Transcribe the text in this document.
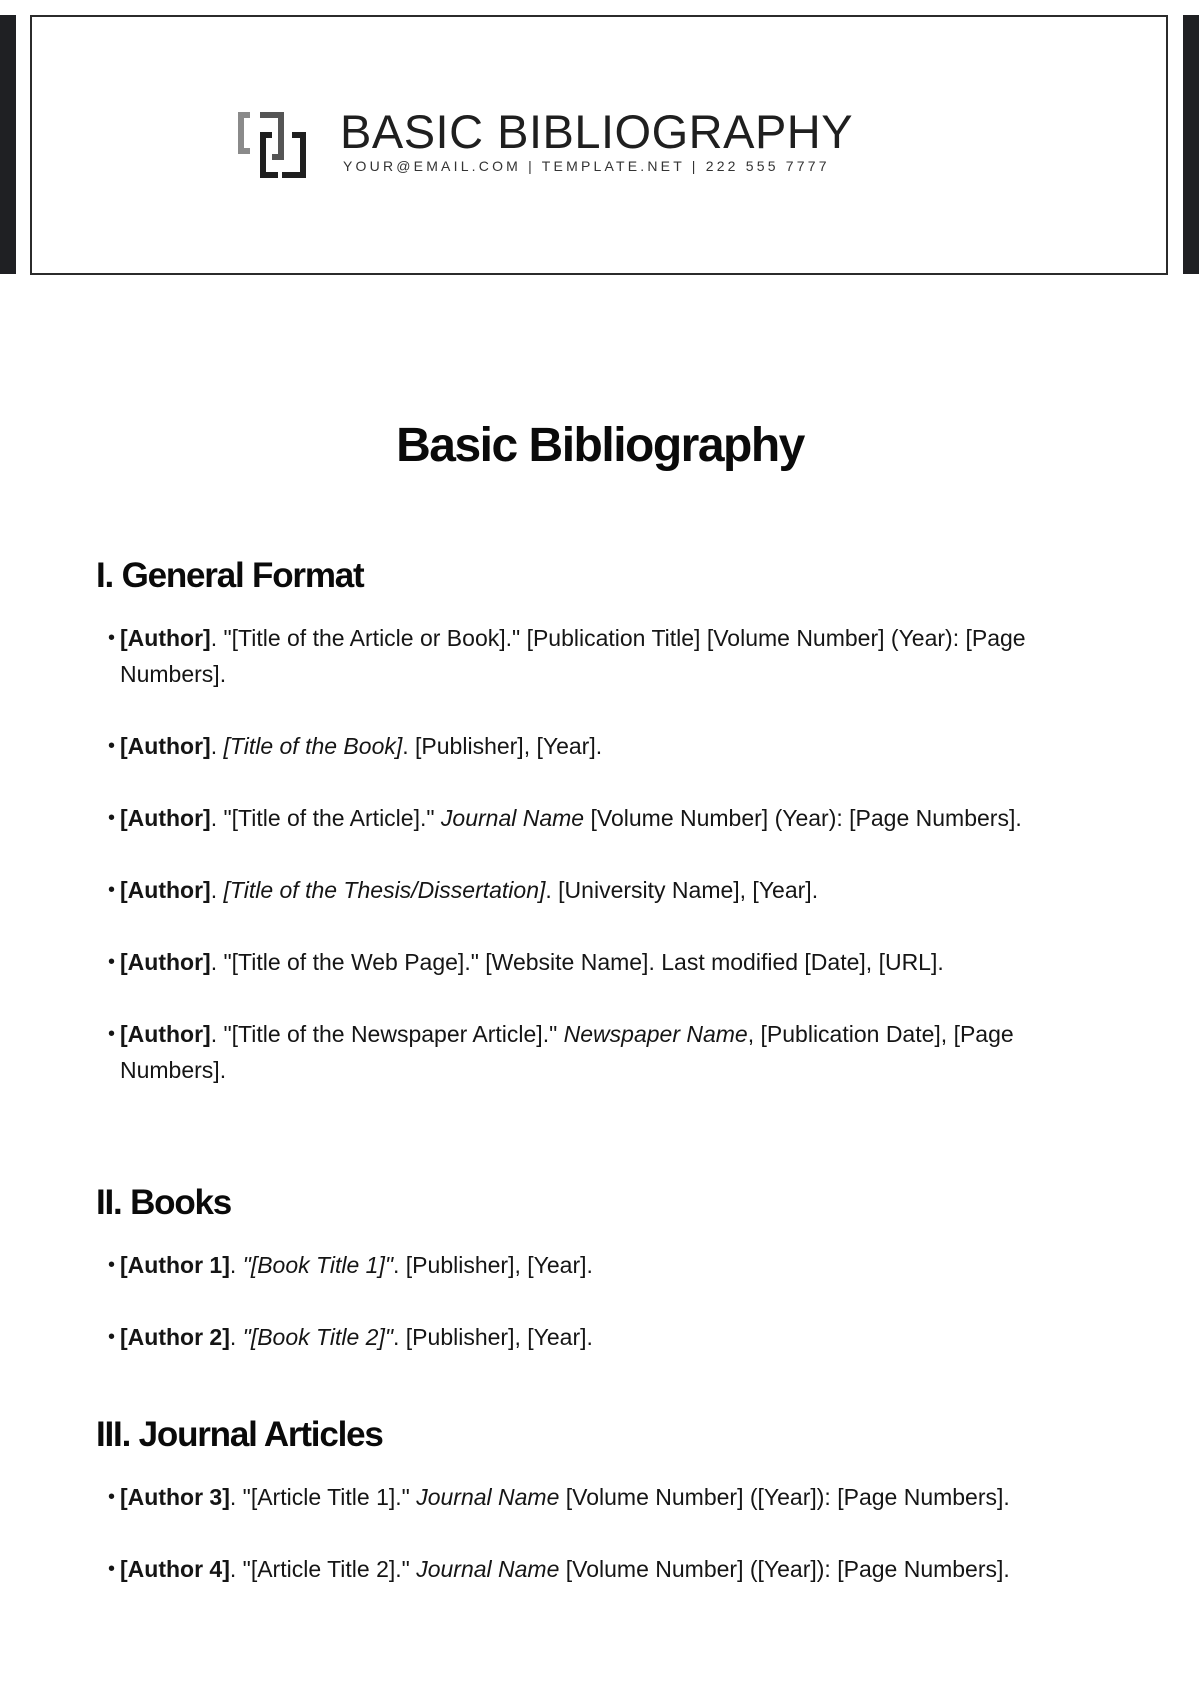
BASIC BIBLIOGRAPHY
YOUR@EMAIL.COM | TEMPLATE.NET | 222 555 7777
Basic Bibliography
I. General Format
• [Author]. "[Title of the Article or Book]." [Publication Title] [Volume Number] (Year): [Page Numbers].
• [Author]. [Title of the Book]. [Publisher], [Year].
• [Author]. "[Title of the Article]." Journal Name [Volume Number] (Year): [Page Numbers].
• [Author]. [Title of the Thesis/Dissertation]. [University Name], [Year].
• [Author]. "[Title of the Web Page]." [Website Name]. Last modified [Date], [URL].
• [Author]. "[Title of the Newspaper Article]." Newspaper Name, [Publication Date], [Page Numbers].
II. Books
• [Author 1]. "[Book Title 1]". [Publisher], [Year].
• [Author 2]. "[Book Title 2]". [Publisher], [Year].
III. Journal Articles
• [Author 3]. "[Article Title 1]." Journal Name [Volume Number] ([Year]): [Page Numbers].
• [Author 4]. "[Article Title 2]." Journal Name [Volume Number] ([Year]): [Page Numbers].
